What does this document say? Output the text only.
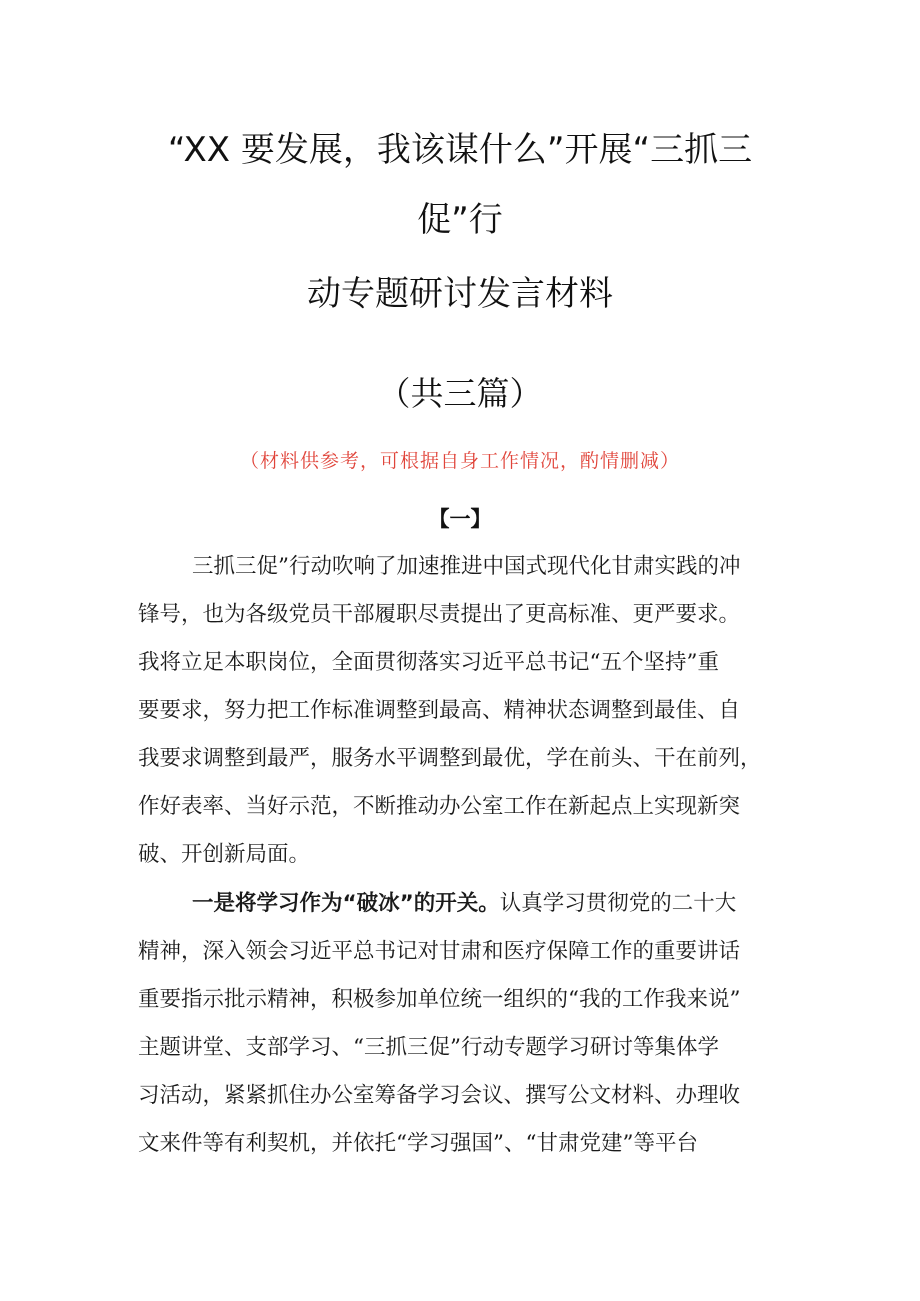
“XX 要发展，我该谋什么”开展“三抓三
促”行
动专题研讨发言材料
（共三篇）
（材料供参考，可根据自身工作情况，酌情删减）
【一】
三抓三促”行动吹响了加速推进中国式现代化甘肃实践的冲
锋号，也为各级党员干部履职尽责提出了更高标准、更严要求。
我将立足本职岗位，全面贯彻落实习近平总书记“五个坚持”重
要要求，努力把工作标准调整到最高、精神状态调整到最佳、自
我要求调整到最严，服务水平调整到最优，学在前头、干在前列，
作好表率、当好示范，不断推动办公室工作在新起点上实现新突
破、开创新局面。
一是将学习作为“破冰”的开关。认真学习贯彻党的二十大
精神，深入领会习近平总书记对甘肃和医疗保障工作的重要讲话
重要指示批示精神，积极参加单位统一组织的“我的工作我来说”
主题讲堂、支部学习、“三抓三促”行动专题学习研讨等集体学
习活动，紧紧抓住办公室筹备学习会议、撰写公文材料、办理收
文来件等有利契机，并依托“学习强国”、“甘肃党建”等平台
